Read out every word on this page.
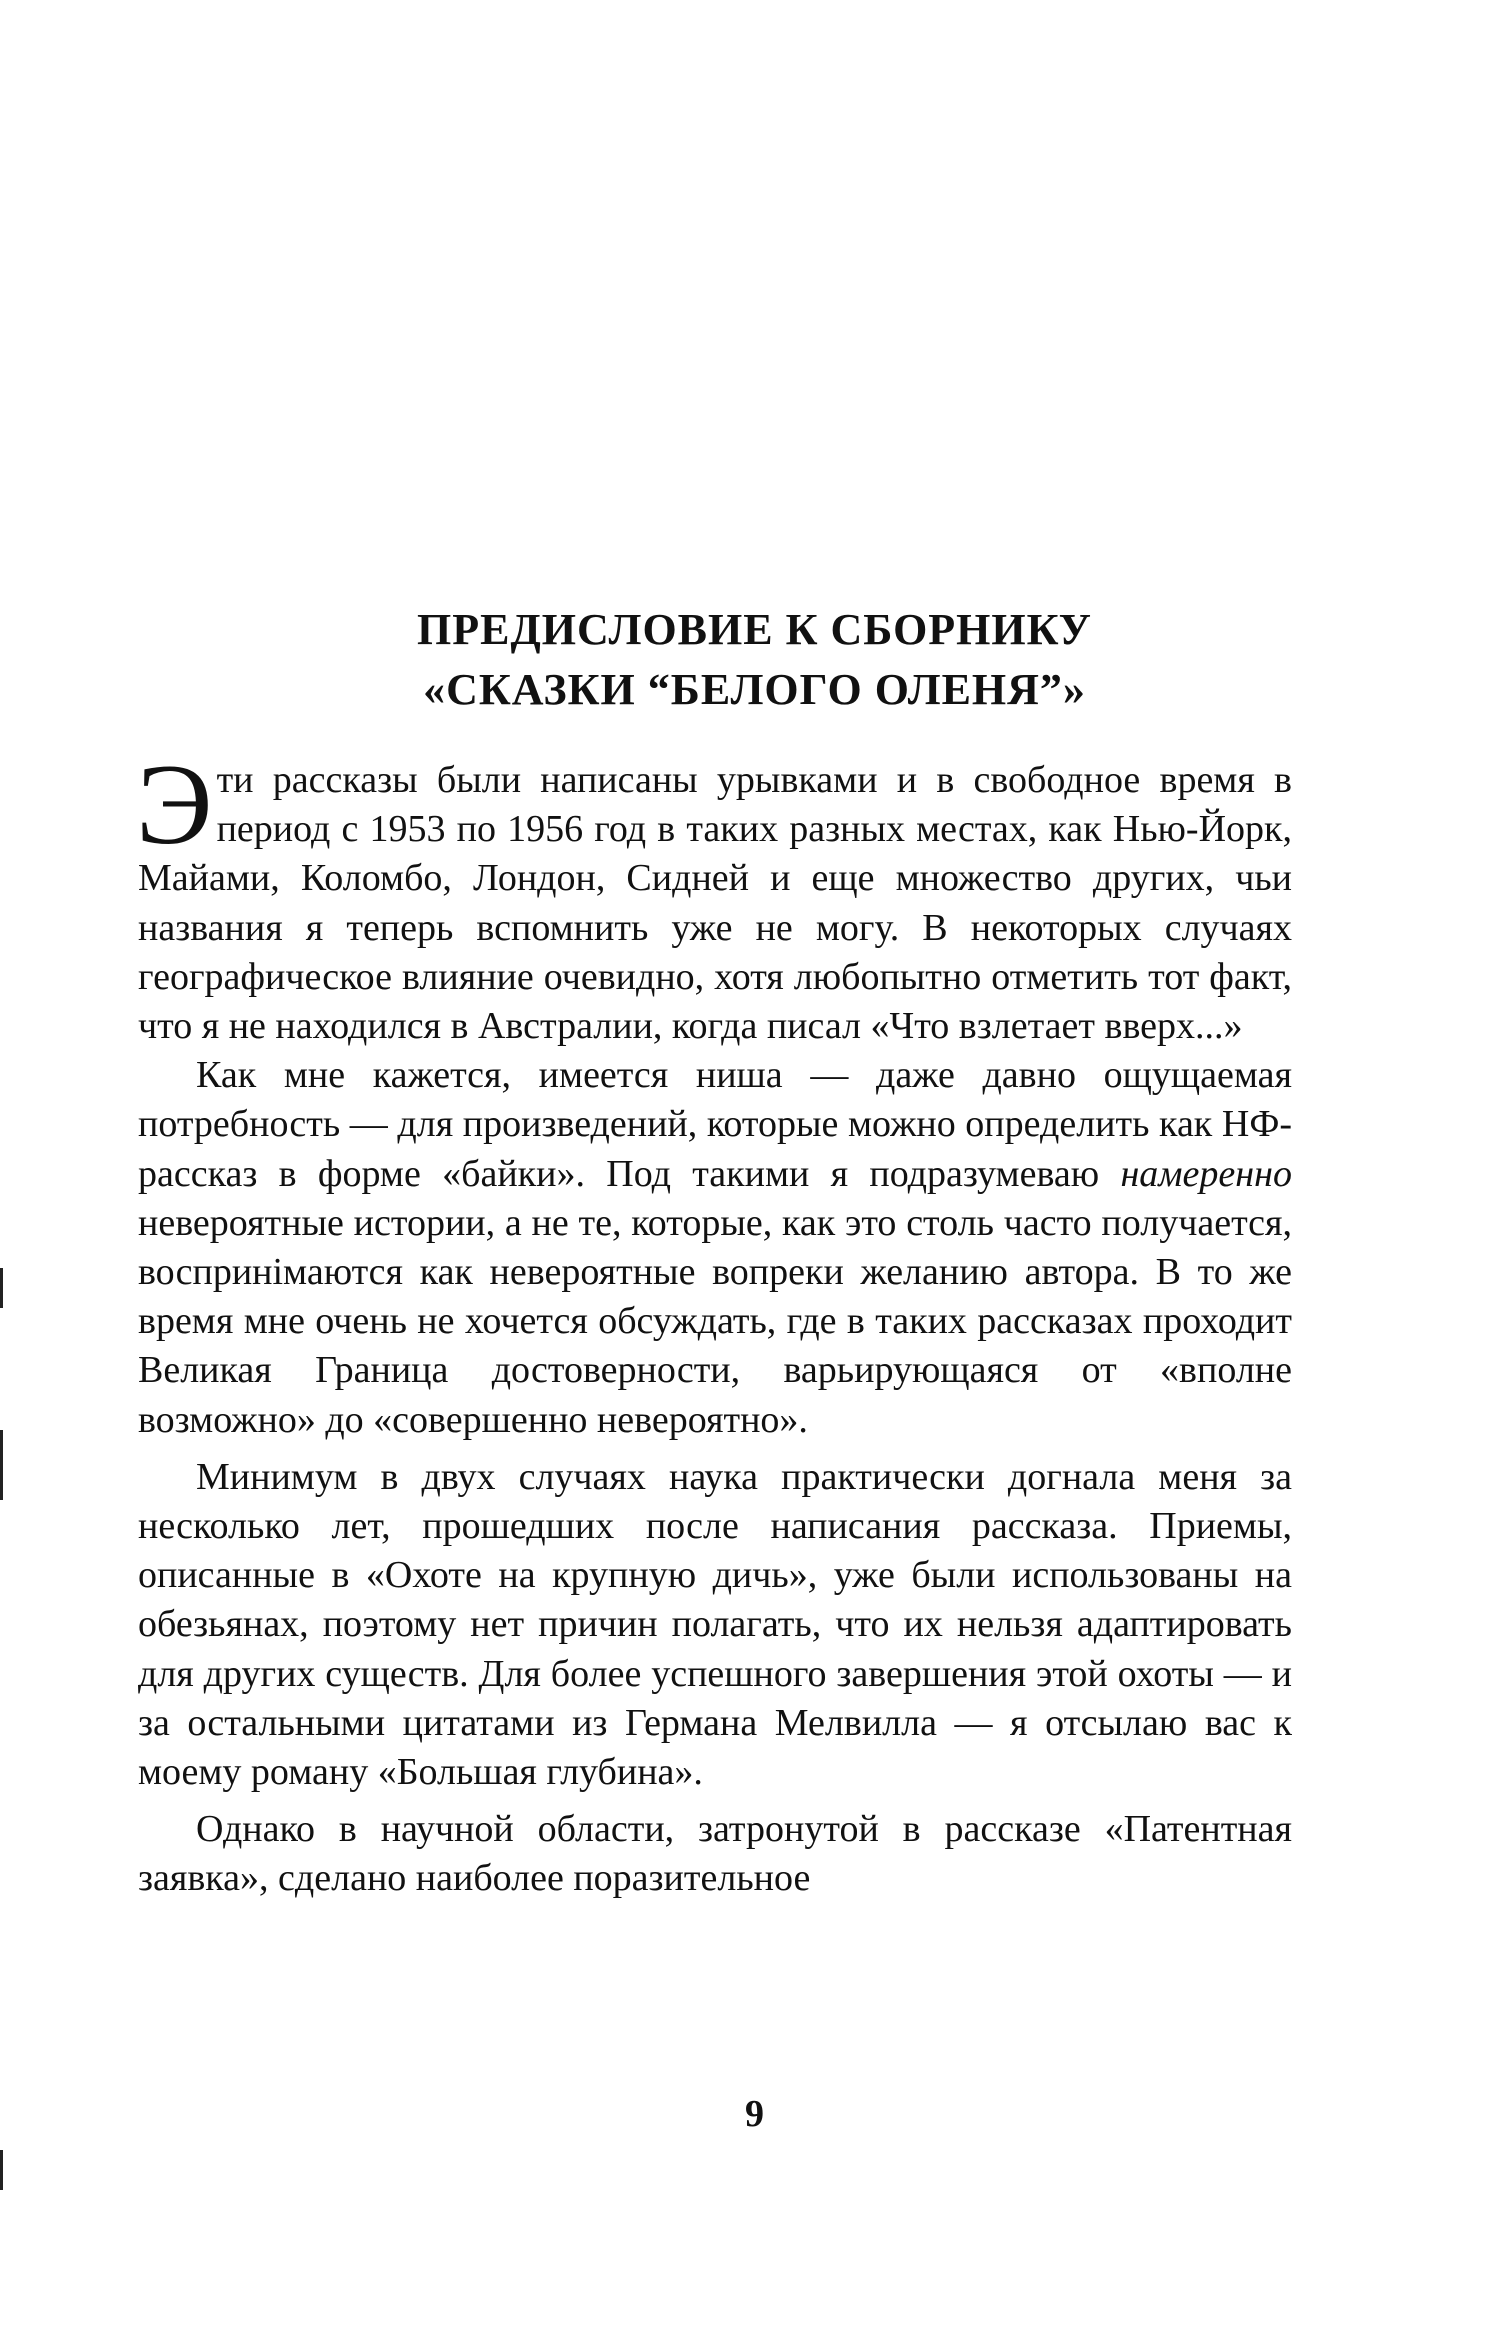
ПРЕДИСЛОВИЕ К СБОРНИКУ
«СКАЗКИ “БЕЛОГО ОЛЕНЯ”»

Эти рассказы были написаны урывками и в свободное время в период с 1953 по 1956 год в таких разных местах, как Нью-Йорк, Майами, Коломбо, Лондон, Сидней и еще множество других, чьи названия я теперь вспомнить уже не могу. В некоторых случаях географическое влияние очевидно, хотя любопытно отметить тот факт, что я не находился в Австралии, когда писал «Что взлетает вверх...»

Как мне кажется, имеется ниша — даже давно ощущаемая потребность — для произведений, которые можно определить как НФ-рассказ в форме «байки». Под такими я подразумеваю намеренно невероятные истории, а не те, которые, как это столь часто получается, воспринімаются как невероятные вопреки желанию автора. В то же время мне очень не хочется обсуждать, где в таких рассказах проходит Великая Граница достоверности, варьирующаяся от «вполне возможно» до «совершенно невероятно».

Минимум в двух случаях наука практически догнала меня за несколько лет, прошедших после написания рассказа. Приемы, описанные в «Охоте на крупную дичь», уже были использованы на обезьянах, поэтому нет причин полагать, что их нельзя адаптировать для других существ. Для более успешного завершения этой охоты — и за остальными цитатами из Германа Мелвилла — я отсылаю вас к моему роману «Большая глубина».

Однако в научной области, затронутой в рассказе «Патентная заявка», сделано наиболее поразительное

9
